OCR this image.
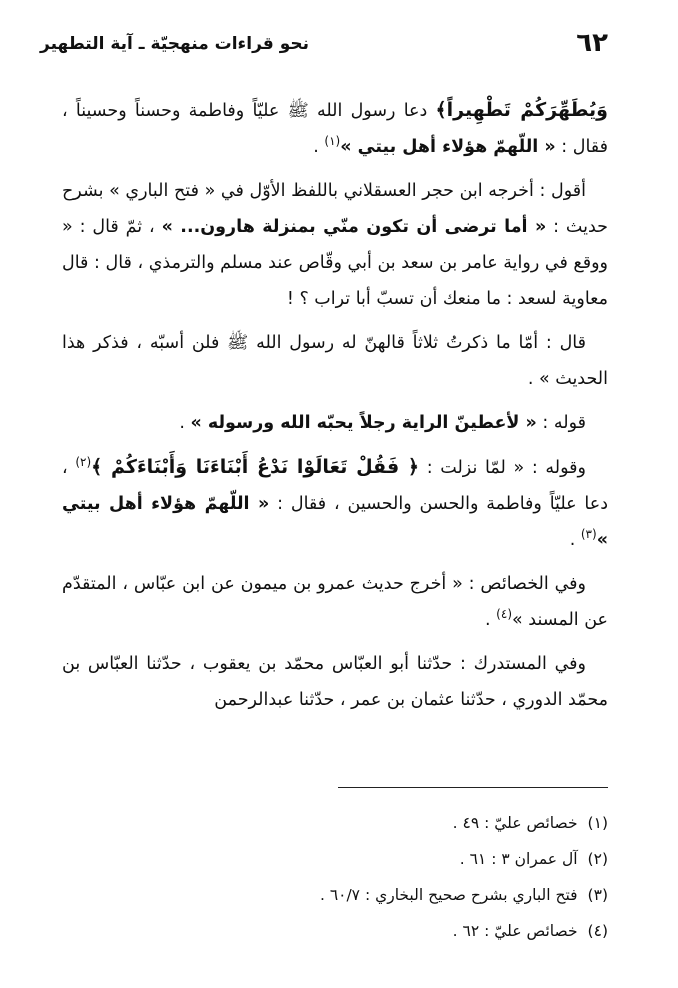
٦٢
نحو قراءات منهجيّة ـ آية التطهير

وَيُطَهِّرَكُمْ تَطْهِيراً﴾ دعا رسول الله ﷺ عليّاً وفاطمة وحسناً وحسيناً ، فقال : « اللّهمّ هؤلاء أهل بيتي »$^{(١)}$ .

أقول : أخرجه ابن حجر العسقلاني باللفظ الأوّل في « فتح الباري » بشرح حديث : « أما ترضى أن تكون منّي بمنزلة هارون... » ، ثمّ قال : « ووقع في رواية عامر بن سعد بن أبي وقّاص عند مسلم والترمذي ، قال : قال معاوية لسعد : ما منعك أن تسبّ أبا تراب ؟ !

قال : أمّا ما ذكرتُ ثلاثاً قالهنّ له رسول الله ﷺ فلن أسبّه ، فذكر هذا الحديث » .

قوله : « لأعطينّ الراية رجلاً يحبّه الله ورسوله » .

وقوله : « لمّا نزلت : ﴿ فَقُلْ تَعَالَوْا نَدْعُ أَبْنَاءَنَا وَأَبْنَاءَكُمْ ﴾$^{(٢)}$ ، دعا عليّاً وفاطمة والحسن والحسين ، فقال : « اللّهمّ هؤلاء أهل بيتي »$^{(٣)}$ .

وفي الخصائص : « أخرج حديث عمرو بن ميمون عن ابن عبّاس ، المتقدّم عن المسند »$^{(٤)}$ .

وفي المستدرك : حدّثنا أبو العبّاس محمّد بن يعقوب ، حدّثنا العبّاس بن محمّد الدوري ، حدّثنا عثمان بن عمر ، حدّثنا عبدالرحمن

(١)خصائص عليّ : ٤٩ .
(٢)آل عمران ٣ : ٦١ .
(٣)فتح الباري بشرح صحيح البخاري : ٦٠/٧ .
(٤)خصائص عليّ : ٦٢ .
